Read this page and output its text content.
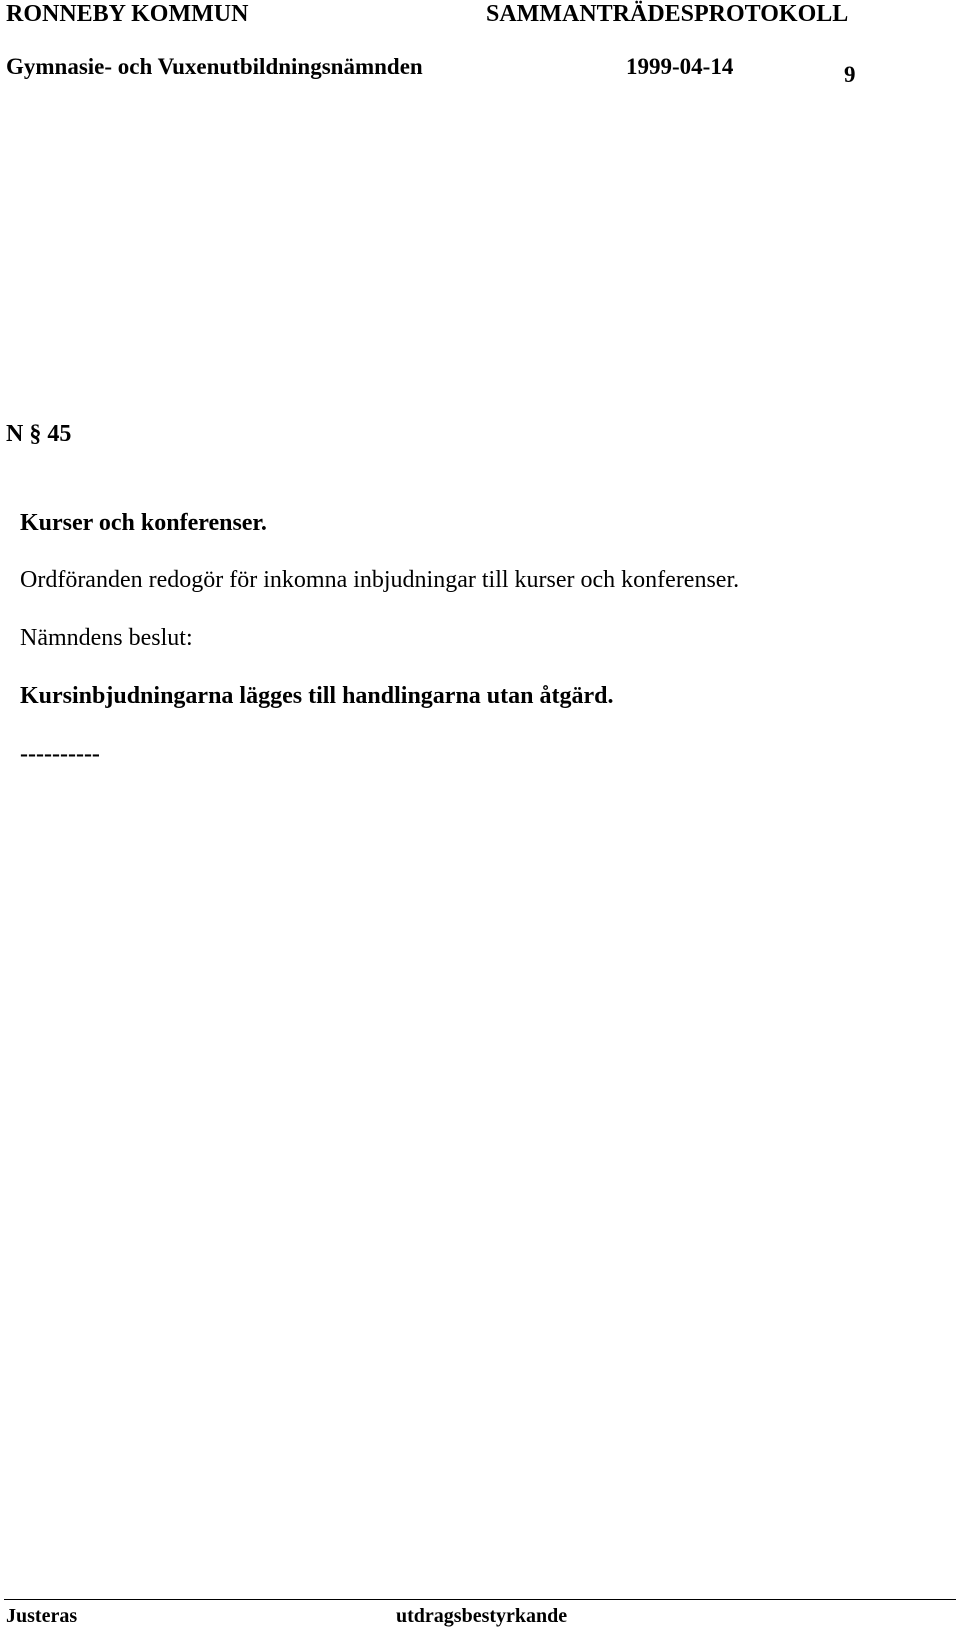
RONNEBY KOMMUN	SAMMANTRÄDESPROTOKOLL
Gymnasie- och Vuxenutbildningsnämnden	1999-04-14	9
N § 45
Kurser och konferenser.
Ordföranden redogör för inkomna inbjudningar till kurser och konferenser.
Nämndens beslut:
Kursinbjudningarna lägges till handlingarna utan åtgärd.
----------
Justeras	utdragsbestyrkande
